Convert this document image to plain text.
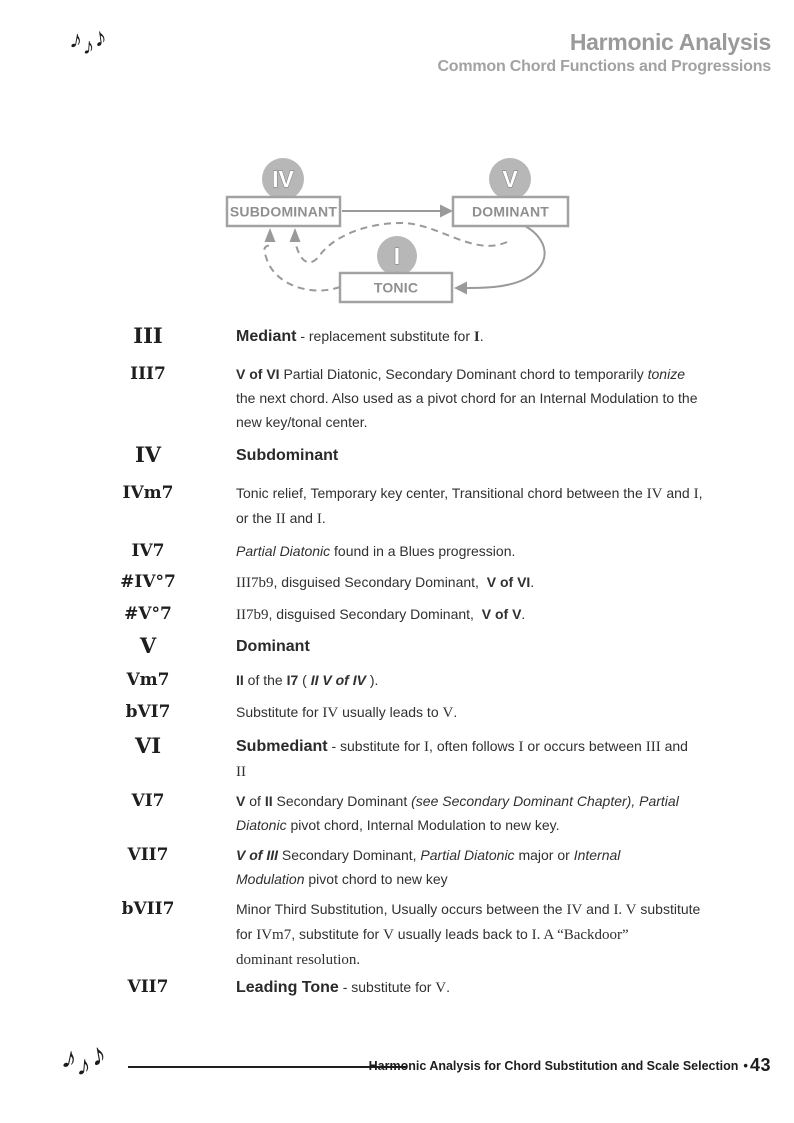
♪♪♪	Harmonic Analysis
Common Chord Functions and Progressions
IV	V
I
SUBDOMINANT	DOMINANT
TONIC
III	Mediant - replacement substitute for I.
III7	V of VI Partial Diatonic, Secondary Dominant chord to temporarily tonize
the next chord. Also used as a pivot chord for an Internal Modulation to the
new key/tonal center.
IV	Subdominant
IVm7	Tonic relief, Temporary key center, Transitional chord between the IV and I,
or the II and I.
IV7	Partial Diatonic found in a Blues progression.
#IV°7	III7b9, disguised Secondary Dominant,  V of VI.
#V°7	II7b9, disguised Secondary Dominant,  V of V.
V	Dominant
Vm7	II of the I7 ( II V of IV ).
bVI7	Substitute for IV usually leads to V.
VI	Submediant - substitute for I, often follows I or occurs between III and
II
VI7	V of II Secondary Dominant (see Secondary Dominant Chapter), Partial
Diatonic pivot chord, Internal Modulation to new key.
VII7	V of III Secondary Dominant, Partial Diatonic major or Internal
Modulation pivot chord to new key
bVII7	Minor Third Substitution, Usually occurs between the IV and I. V substitute
for IVm7, substitute for V usually leads back to I. A “Backdoor”
dominant resolution.
VII7	Leading Tone - substitute for V.
♪♪♪	Harmonic Analysis for Chord Substitution and Scale Selection • 43
